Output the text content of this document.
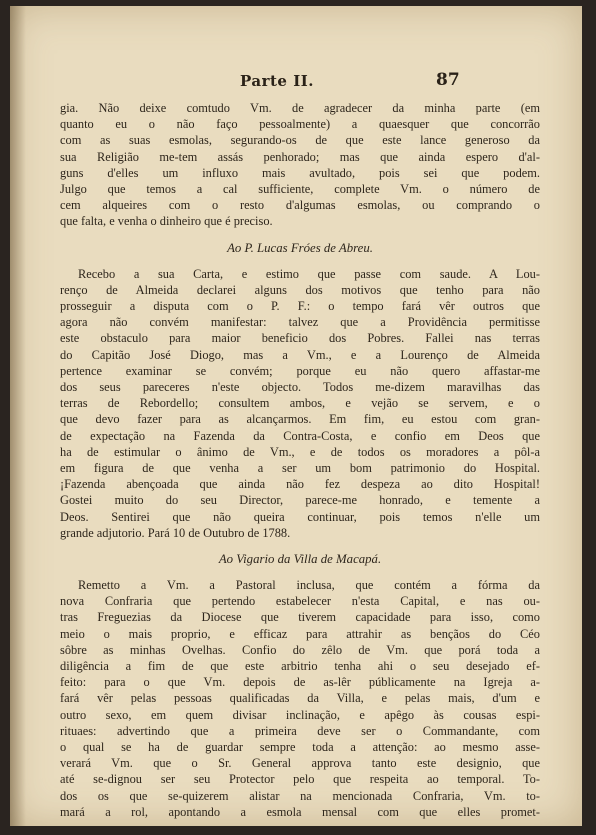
Parte II.	87
gia. Não deixe comtudo Vm. de agradecer da minha parte (em
quanto eu o não faço pessoalmente) a quaesquer que concorrão
com as suas esmolas, segurando-os de que este lance generoso da
sua Religião me-tem assás penhorado; mas que ainda espero d'al-
guns d'elles um influxo mais avultado, pois sei que podem.
Julgo que temos a cal sufficiente, complete Vm. o número de
cem alqueires com o resto d'algumas esmolas, ou comprando o
que falta, e venha o dinheiro que é preciso.
Ao P. Lucas Fróes de Abreu.
Recebo a sua Carta, e estimo que passe com saude. A Lou-
renço de Almeida declarei alguns dos motivos que tenho para não
prosseguir a disputa com o P. F.: o tempo fará vêr outros que
agora não convém manifestar: talvez que a Providência permitisse
este obstaculo para maior beneficio dos Pobres. Fallei nas terras
do Capitão José Diogo, mas a Vm., e a Lourenço de Almeida
pertence examinar se convém; porque eu não quero affastar-me
dos seus pareceres n'este objecto. Todos me-dizem maravilhas das
terras de Rebordello; consultem ambos, e vejão se servem, e o
que devo fazer para as alcançarmos. Em fim, eu estou com gran-
de expectação na Fazenda da Contra-Costa, e confio em Deos que
ha de estimular o ânimo de Vm., e de todos os moradores a pôl-a
em figura de que venha a ser um bom patrimonio do Hospital.
¡Fazenda abençoada que ainda não fez despeza ao dito Hospital!
Gostei muito do seu Director, parece-me honrado, e temente a
Deos. Sentirei que não queira continuar, pois temos n'elle um
grande adjutorio. Pará 10 de Outubro de 1788.
Ao Vigario da Villa de Macapá.
Remetto a Vm. a Pastoral inclusa, que contém a fórma da
nova Confraria que pertendo estabelecer n'esta Capital, e nas ou-
tras Freguezias da Diocese que tiverem capacidade para isso, como
meio o mais proprio, e efficaz para attrahir as bençãos do Céo
sôbre as minhas Ovelhas. Confio do zêlo de Vm. que porá toda a
diligência a fim de que este arbitrio tenha ahi o seu desejado ef-
feito: para o que Vm. depois de as-lêr públicamente na Igreja a-
fará vêr pelas pessoas qualificadas da Villa, e pelas mais, d'um e
outro sexo, em quem divisar inclinação, e apêgo às cousas espi-
rituaes: advertindo que a primeira deve ser o Commandante, com
o qual se ha de guardar sempre toda a attenção: ao mesmo asse-
verará Vm. que o Sr. General approva tanto este designio, que
até se-dignou ser seu Protector pelo que respeita ao temporal. To-
dos os que se-quizerem alistar na mencionada Confraria, Vm. to-
mará a rol, apontando a esmola mensal com que elles promet-
